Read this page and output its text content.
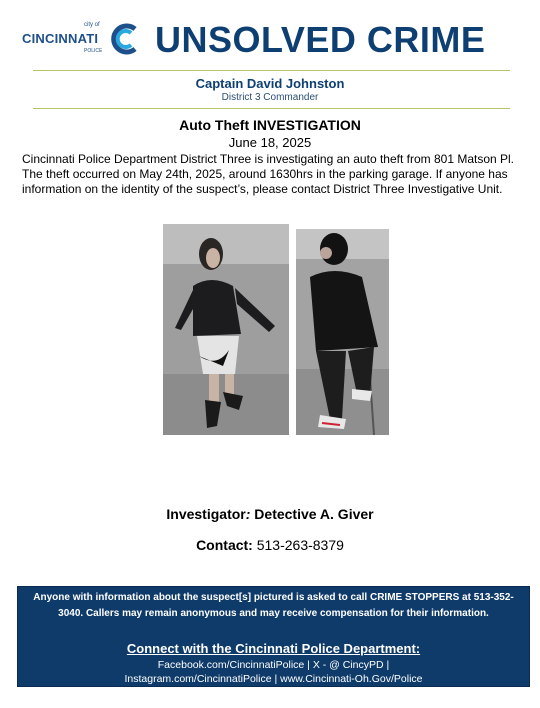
city of
CINCINNATI
POLICE UNSOLVED CRIME
Captain David Johnston
District 3 Commander
Auto Theft INVESTIGATION
June 18, 2025
Cincinnati Police Department District Three is investigating an auto theft from 801 Matson Pl. The theft occurred on May 24th, 2025, around 1630hrs in the parking garage. If anyone has information on the identity of the suspect’s, please contact District Three Investigative Unit.
Investigator: Detective A. Giver
Contact: 513-263-8379
Anyone with information about the suspect[s] pictured is asked to call CRIME STOPPERS at 513-352-3040. Callers may remain anonymous and may receive compensation for their information.
Connect with the Cincinnati Police Department:
Facebook.com/CincinnatiPolice | X - @ CincyPD |
Instagram.com/CincinnatiPolice | www.Cincinnati-Oh.Gov/Police
